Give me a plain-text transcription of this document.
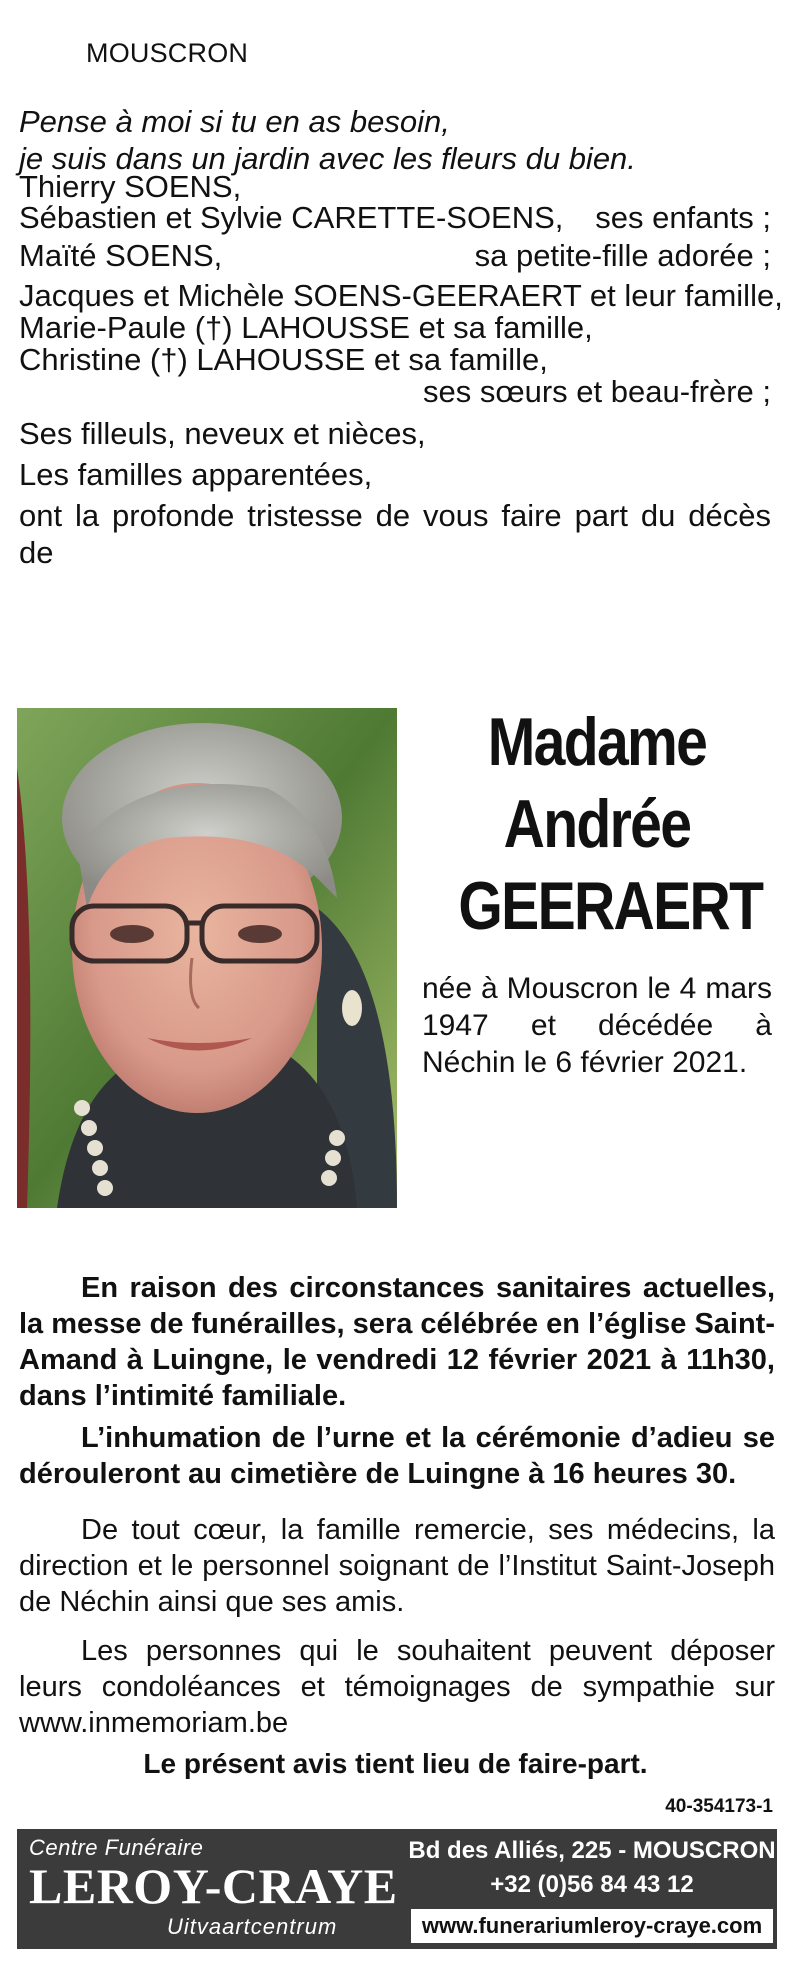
MOUSCRON
Pense à moi si tu en as besoin,
je suis dans un jardin avec les fleurs du bien.
Thierry SOENS,
Sébastien et Sylvie CARETTE-SOENS, ses enfants ;
Maïté SOENS,	sa petite-fille adorée ;
Jacques et Michèle SOENS-GEERAERT et leur famille,
Marie-Paule (†) LAHOUSSE et sa famille,
Christine (†) LAHOUSSE et sa famille,
ses sœurs et beau-frère ;
Ses filleuls, neveux et nièces,
Les familles apparentées,
ont la profonde tristesse de vous faire part du décès de
Madame
Andrée
GEERAERT
née à Mouscron le 4 mars 1947 et décédée à Néchin le 6 février 2021.
En raison des circonstances sanitaires actuelles, la messe de funérailles, sera célébrée en l’église Saint-Amand à Luingne, le vendredi 12 février 2021 à 11h30, dans l’intimité familiale.
L’inhumation de l’urne et la cérémonie d’adieu se dérouleront au cimetière de Luingne à 16 heures 30.
De tout cœur, la famille remercie, ses médecins, la direction et le personnel soignant de l’Institut Saint-Joseph de Néchin ainsi que ses amis.
Les personnes qui le souhaitent peuvent déposer leurs condoléances et témoignages de sympathie sur www.inmemoriam.be
Le présent avis tient lieu de faire-part.
40-354173-1
Centre Funéraire
LEROY-CRAYE
Uitvaartcentrum
Bd des Alliés, 225 - MOUSCRON
+32 (0)56 84 43 12
www.funerariumleroy-craye.com
